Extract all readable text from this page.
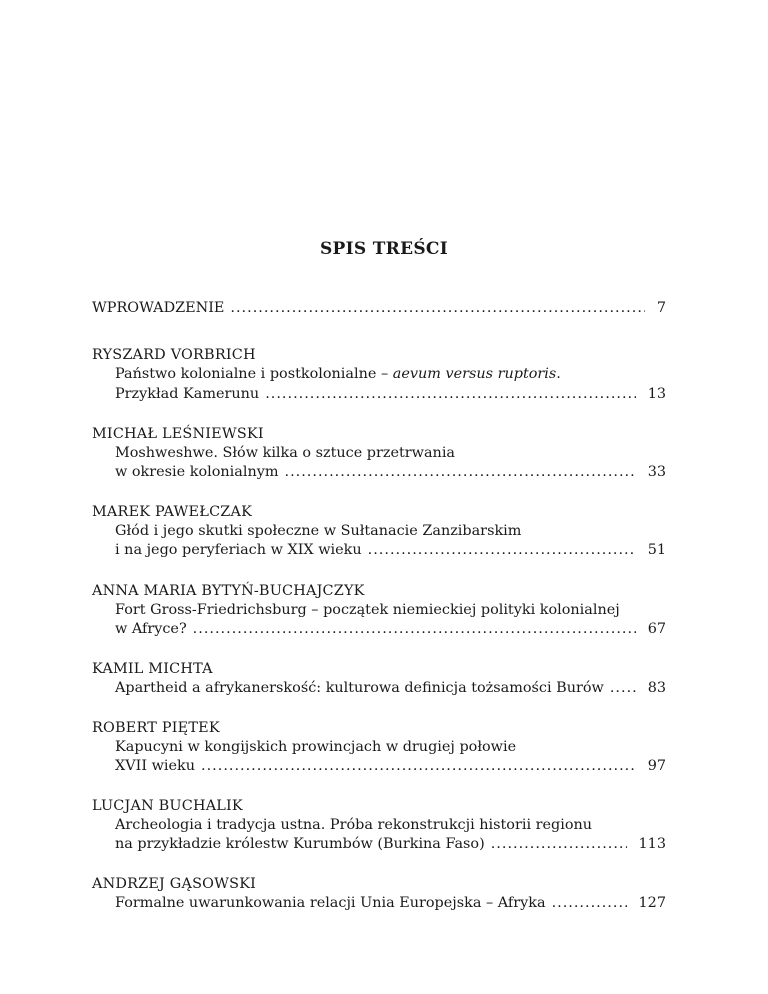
SPIS TREŚCI
WPROWADZENIE .....	7
RYSZARD VORBRICH
Państwo kolonialne i postkolonialne – aevum versus ruptoris.
Przykład Kamerunu .....	13
MICHAŁ LEŚNIEWSKI
Moshweshwe. Słów kilka o sztuce przetrwania
w okresie kolonialnym .....	33
MAREK PAWEŁCZAK
Głód i jego skutki społeczne w Sułtanacie Zanzibarskim
i na jego peryferiach w XIX wieku .....	51
ANNA MARIA BYTYŃ-BUCHAJCZYK
Fort Gross-Friedrichsburg – początek niemieckiej polityki kolonialnej
w Afryce? .....	67
KAMIL MICHTA
Apartheid a afrykanerskość: kulturowa definicja tożsamości Burów .....	83
ROBERT PIĘTEK
Kapucyni w kongijskich prowincjach w drugiej połowie
XVII wieku .....	97
LUCJAN BUCHALIK
Archeologia i tradycja ustna. Próba rekonstrukcji historii regionu
na przykładzie królestw Kurumbów (Burkina Faso) .....	113
ANDRZEJ GĄSOWSKI
Formalne uwarunkowania relacji Unia Europejska – Afryka .....	127
